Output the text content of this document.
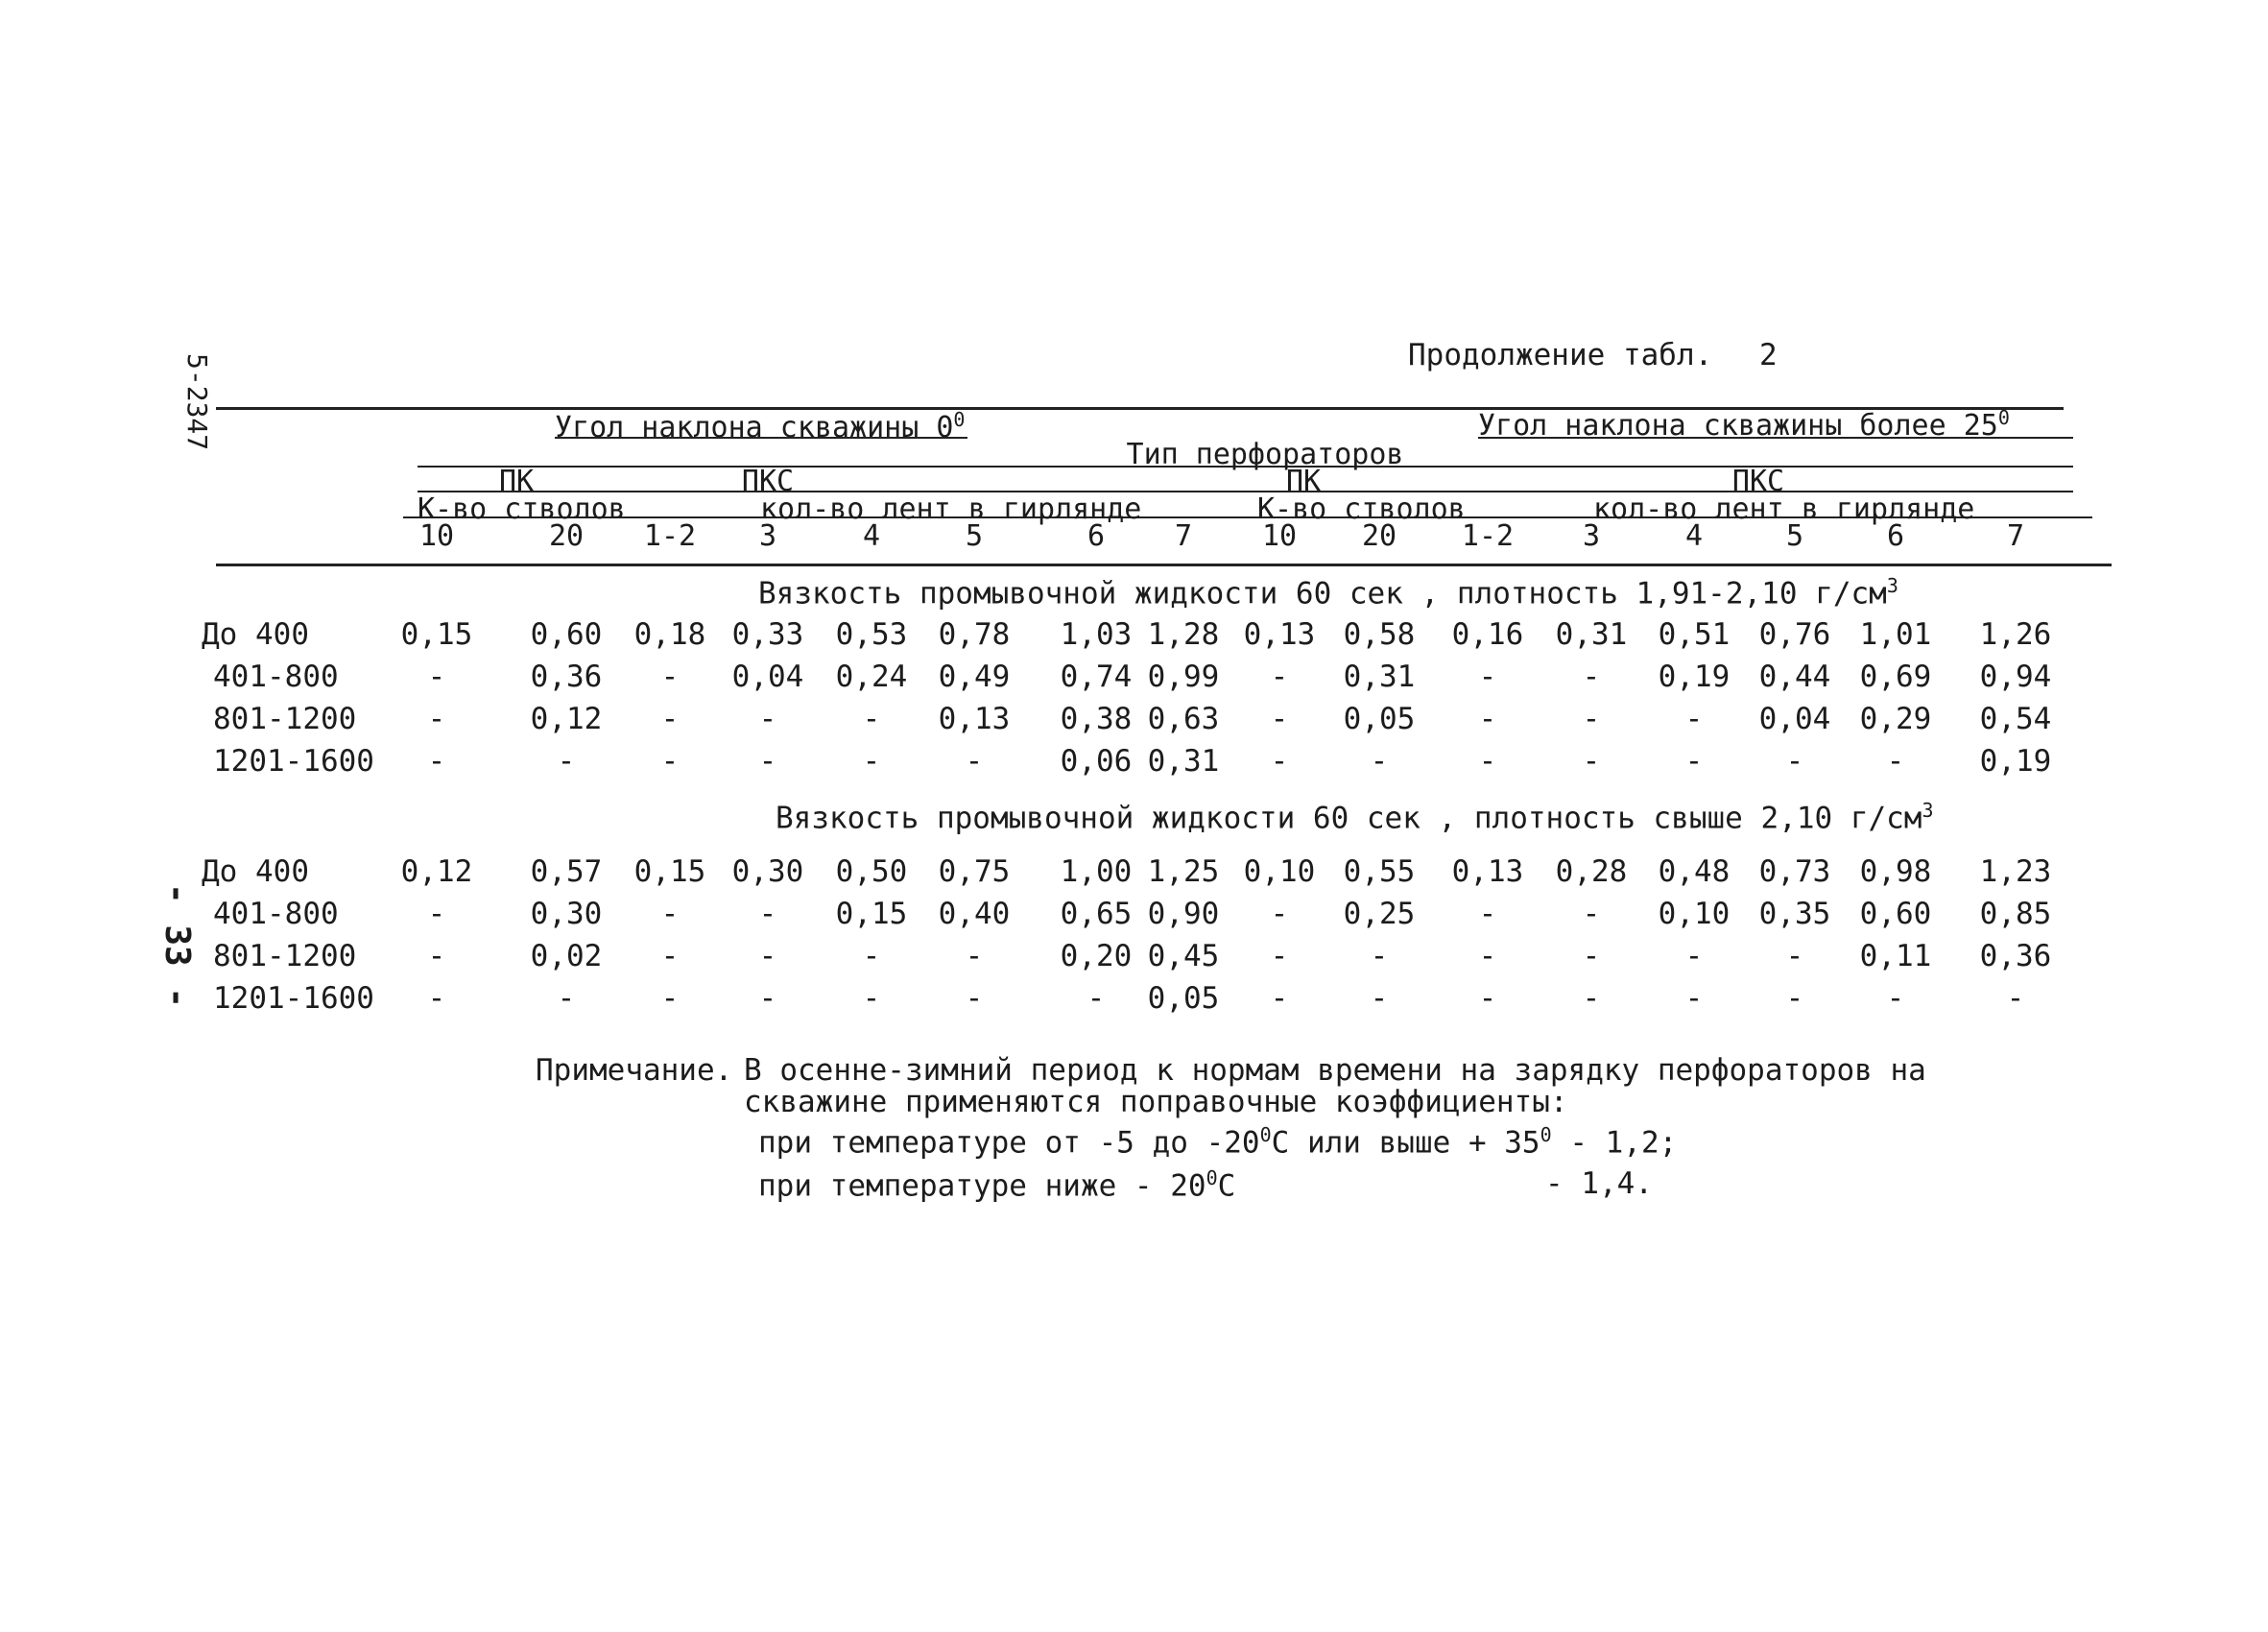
5-2347
- 33 -
Продолжение табл. 2
Угол наклона скважины $0^0$	Угол наклона скважины более $25^0$
Тип перфораторов
ПК	ПКС	ПК	ПКС
К-во стволов	кол-во лент в гирлянде	К-во стволов	кол-во лент в гирлянде
10	20 1-2 3	4	5	6 7 10 20 1-2 3	4	5	6	7
Вязкость промывочной жидкости 60 сек , плотность 1,91-2,10 $г/см^3$
Вязкость промывочной жидкости 60 сек , плотность свыше 2,10 $г/см^3$
До 400	0,15 0,60 0,18 0,33 0,53 0,78 1,03 1,28 0,13 0,58 0,16 0,31 0,51 0,76 1,01 1,26
401-800	-	0,36 - 0,04 0,24 0,49 0,74 0,99 - 0,31 -	- 0,19 0,44 0,69 0,94
801-1200 -	0,12 -	-	- 0,13 0,38 0,63 - 0,05 -	-	- 0,04 0,29 0,54
1201-1600 -	-	-	-	-	-	0,06 0,31 -	-	-	-	-	-	-	0,19
До 400	0,12 0,57 0,15 0,30 0,50 0,75 1,00 1,25 0,10 0,55 0,13 0,28 0,48 0,73 0,98 1,23
401-800	-	0,30 -	- 0,15 0,40 0,65 0,90 - 0,25 -	- 0,10 0,35 0,60 0,85
801-1200 -	0,02 -	-	-	-	0,20 0,45 -	-	-	-	-	- 0,11 0,36
1201-1600 -	-	-	-	-	-	- 0,05 -	-	-	-	-	-	-	-
Примечание. В осенне-зимний период к нормам времени на зарядку перфораторов на
скважине применяются поправочные коэффициенты:
при температуре от -5 до $-20^0С$ или выше + $35^0 - 1,2$;
при температуре ниже - $20^0С$	- 1,4.
